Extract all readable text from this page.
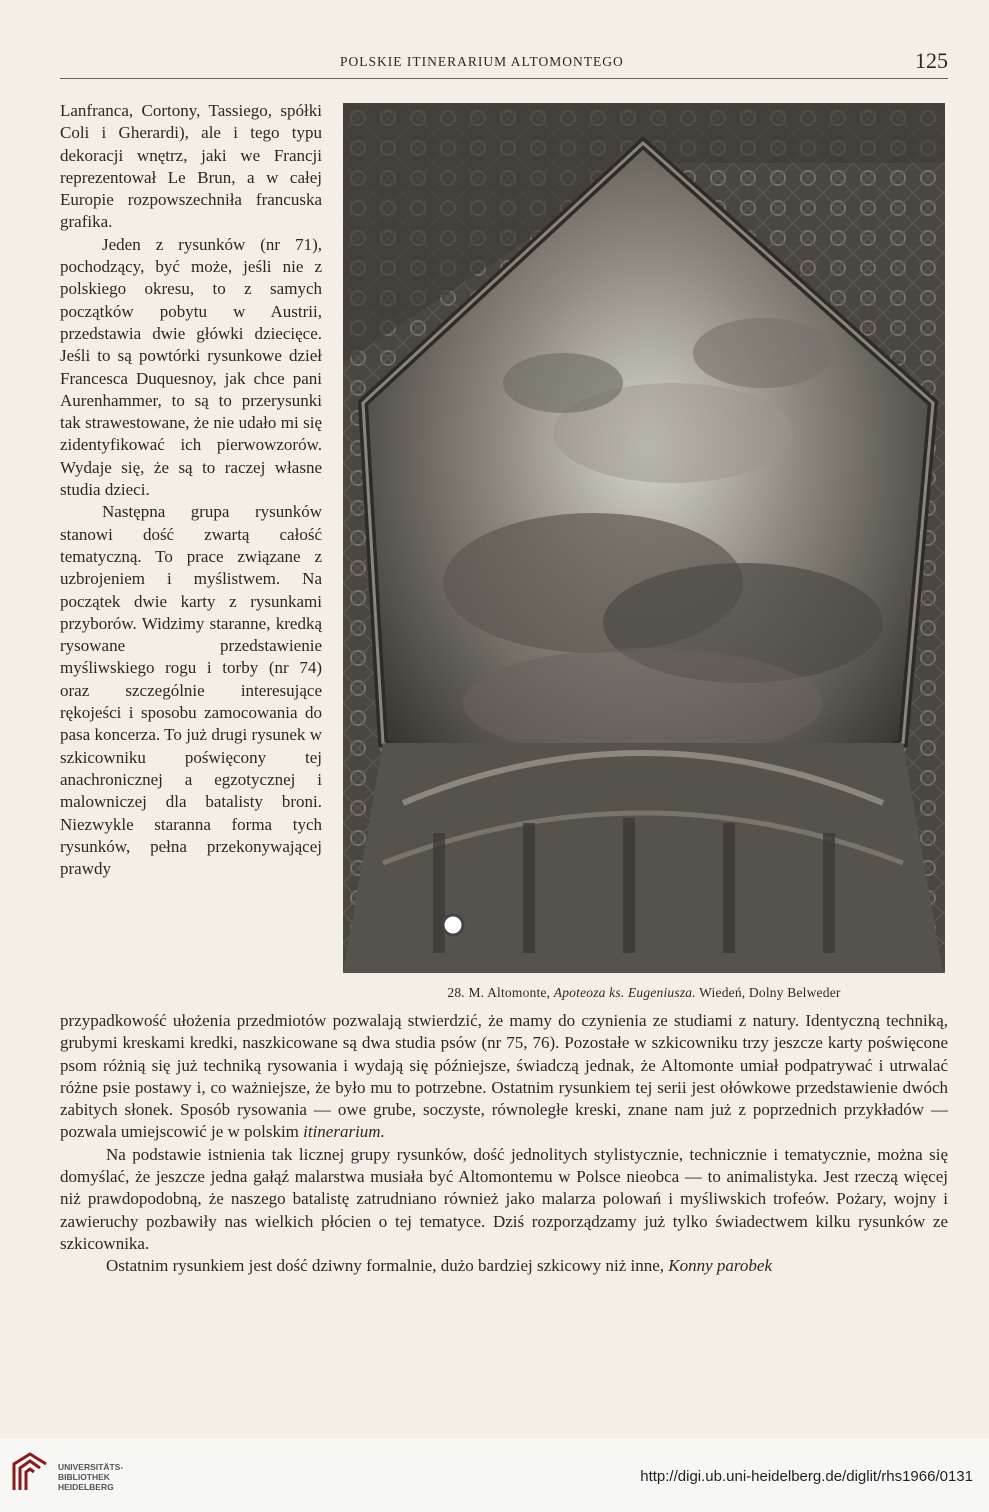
POLSKIE ITINERARIUM ALTOMONTEGO	125

Lanfranca, Cortony, Tassiego, spółki Coli i Gherardi), ale i tego typu dekoracji wnętrz, jaki we Francji reprezentował Le Brun, a w całej Europie rozpowszechniła francuska grafika.

Jeden z rysunków (nr 71), pochodzący, być może, jeśli nie z polskiego okresu, to z samych początków pobytu w Austrii, przedstawia dwie główki dziecięce. Jeśli to są powtórki rysunkowe dzieł Francesca Duquesnoy, jak chce pani Aurenhammer, to są to przerysunki tak strawestowane, że nie udało mi się zidentyfikować ich pierwowzorów. Wydaje się, że są to raczej własne studia dzieci.

Następna grupa rysunków stanowi dość zwartą całość tematyczną. To prace związane z uzbrojeniem i myślistwem. Na początek dwie karty z rysunkami przyborów. Widzimy staranne, kredką rysowane przedstawienie myśliwskiego rogu i torby (nr 74) oraz szczególnie interesujące rękojeści i sposobu zamocowania do pasa koncerza. To już drugi rysunek w szkicowniku poświęcony tej anachronicznej a egzotycznej i malowniczej dla batalisty broni. Niezwykle staranna forma tych rysunków, pełna przekonywającej prawdy

28. M. Altomonte, Apoteoza ks. Eugeniusza. Wiedeń, Dolny Belweder

przypadkowość ułożenia przedmiotów pozwalają stwierdzić, że mamy do czynienia ze studiami z natury. Identyczną techniką, grubymi kreskami kredki, naszkicowane są dwa studia psów (nr 75, 76). Pozostałe w szkicowniku trzy jeszcze karty poświęcone psom różnią się już techniką rysowania i wydają się późniejsze, świadczą jednak, że Altomonte umiał podpatrywać i utrwalać różne psie postawy i, co ważniejsze, że było mu to potrzebne. Ostatnim rysunkiem tej serii jest ołówkowe przedstawienie dwóch zabitych słonek. Sposób rysowania — owe grube, soczyste, równoległe kreski, znane nam już z poprzednich przykładów — pozwala umiejscowić je w polskim itinerarium.

Na podstawie istnienia tak licznej grupy rysunków, dość jednolitych stylistycznie, technicznie i tematycznie, można się domyślać, że jeszcze jedna gałąź malarstwa musiała być Altomontemu w Polsce nieobca — to animalistyka. Jest rzeczą więcej niż prawdopodobną, że naszego batalistę zatrudniano również jako malarza polowań i myśliwskich trofeów. Pożary, wojny i zawieruchy pozbawiły nas wielkich płócien o tej tematyce. Dziś rozporządzamy już tylko świadectwem kilku rysunków ze szkicownika.

Ostatnim rysunkiem jest dość dziwny formalnie, dużo bardziej szkicowy niż inne, Konny parobek

UNIVERSITÄTS-
BIBLIOTHEK
HEIDELBERG
http://digi.ub.uni-heidelberg.de/diglit/rhs1966/0131
